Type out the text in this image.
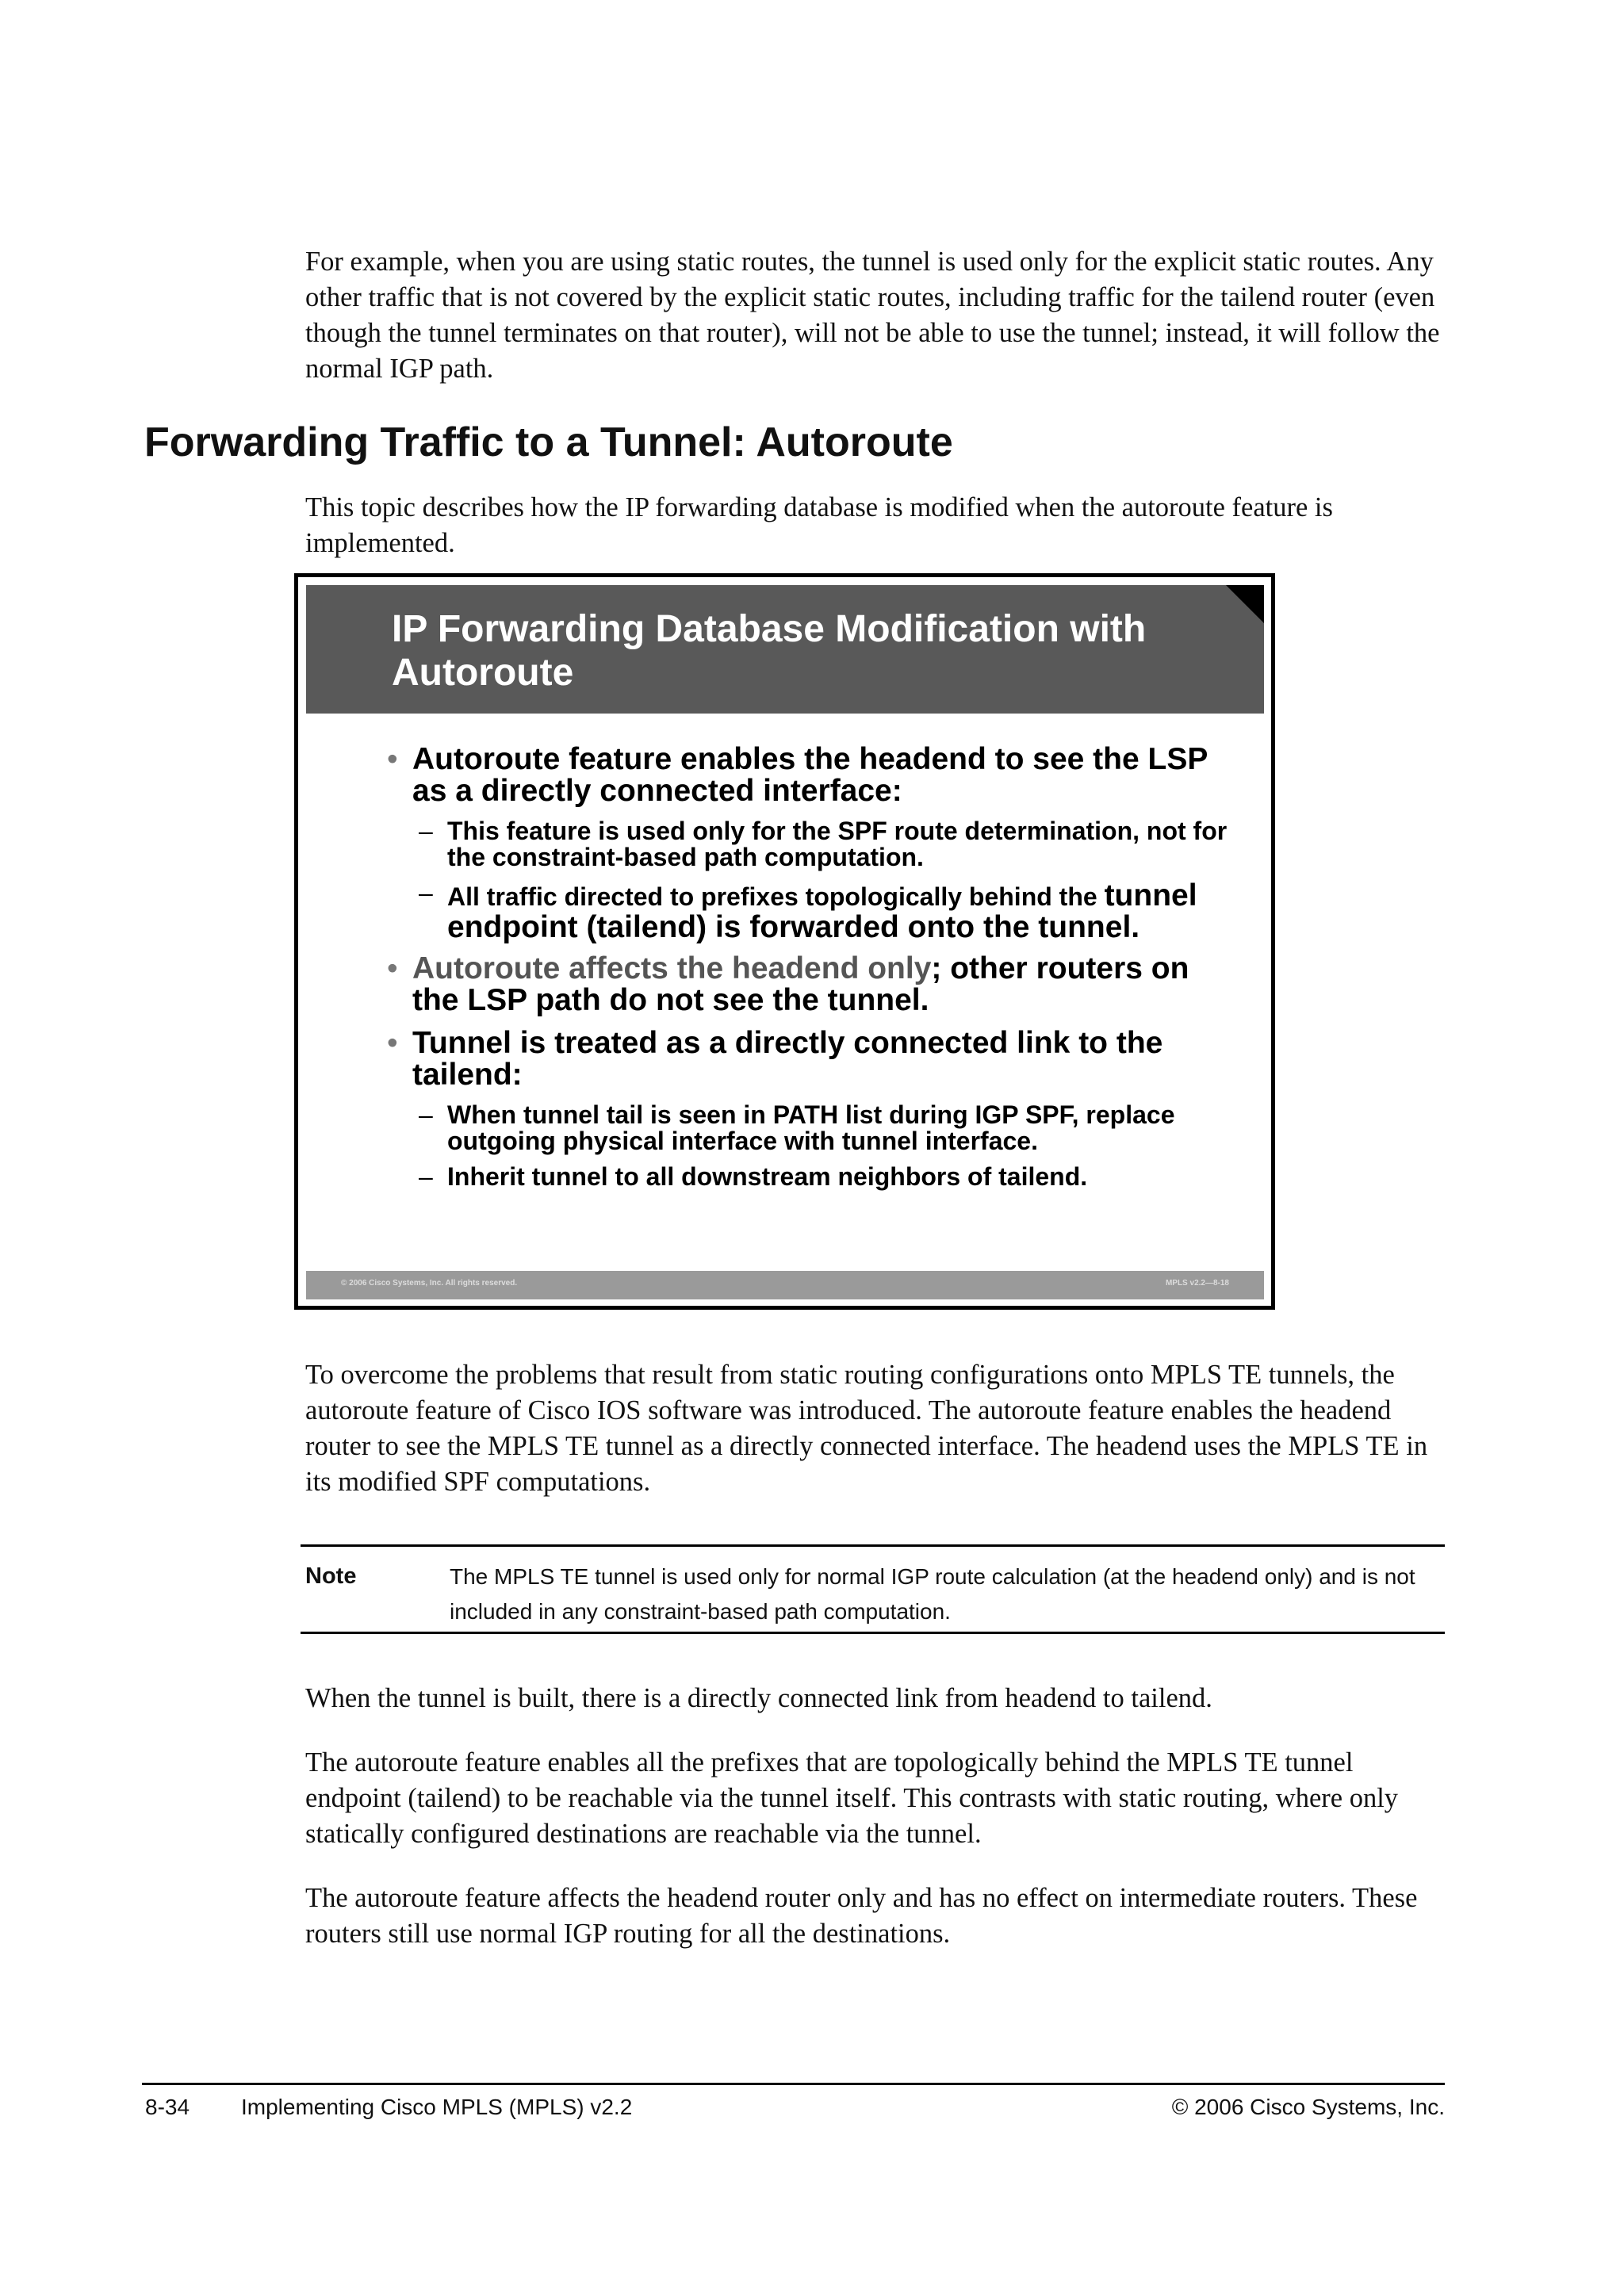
For example, when you are using static routes, the tunnel is used only for the explicit static routes. Any other traffic that is not covered by the explicit static routes, including traffic for the tailend router (even though the tunnel terminates on that router), will not be able to use the tunnel; instead, it will follow the normal IGP path.

Forwarding Traffic to a Tunnel: Autoroute

This topic describes how the IP forwarding database is modified when the autoroute feature is implemented.

IP Forwarding Database Modification with Autoroute
• Autoroute feature enables the headend to see the LSP as a directly connected interface:
– This feature is used only for the SPF route determination, not for the constraint-based path computation.
– All traffic directed to prefixes topologically behind the tunnel endpoint (tailend) is forwarded onto the tunnel.
• Autoroute affects the headend only; other routers on the LSP path do not see the tunnel.
• Tunnel is treated as a directly connected link to the tailend:
– When tunnel tail is seen in PATH list during IGP SPF, replace outgoing physical interface with tunnel interface.
– Inherit tunnel to all downstream neighbors of tailend.
© 2006 Cisco Systems, Inc. All rights reserved.	MPLS v2.2—8-18

To overcome the problems that result from static routing configurations onto MPLS TE tunnels, the autoroute feature of Cisco IOS software was introduced. The autoroute feature enables the headend router to see the MPLS TE tunnel as a directly connected interface. The headend uses the MPLS TE in its modified SPF computations.

Note	The MPLS TE tunnel is used only for normal IGP route calculation (at the headend only) and is not included in any constraint-based path computation.

When the tunnel is built, there is a directly connected link from headend to tailend.

The autoroute feature enables all the prefixes that are topologically behind the MPLS TE tunnel endpoint (tailend) to be reachable via the tunnel itself. This contrasts with static routing, where only statically configured destinations are reachable via the tunnel.

The autoroute feature affects the headend router only and has no effect on intermediate routers. These routers still use normal IGP routing for all the destinations.

8-34 Implementing Cisco MPLS (MPLS) v2.2	© 2006 Cisco Systems, Inc.
